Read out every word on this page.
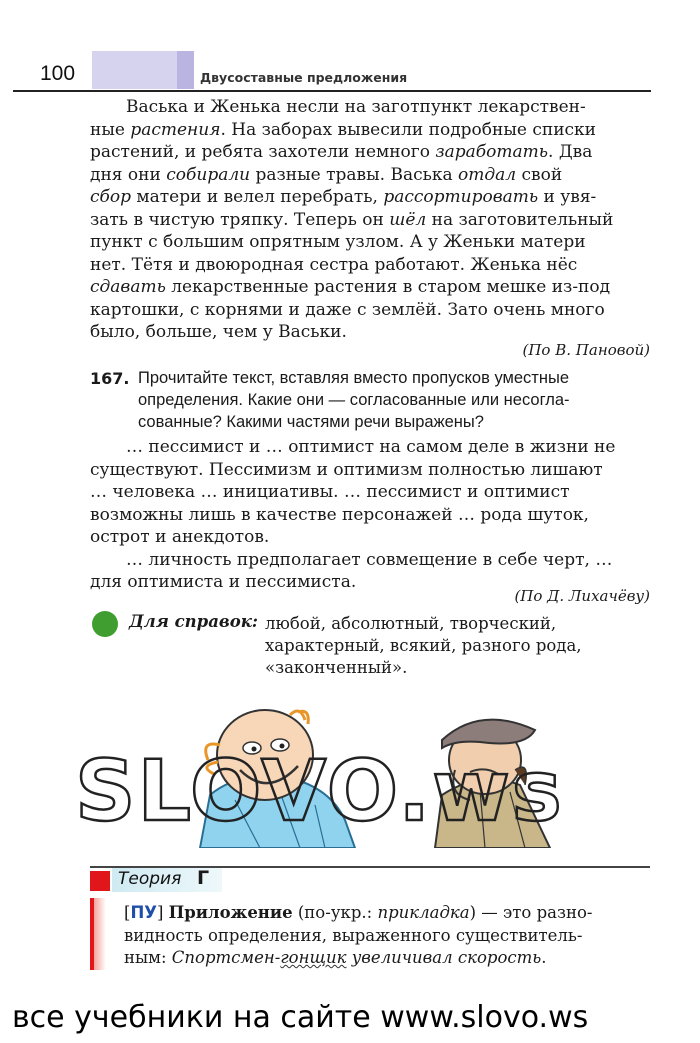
100	Двусоставные предложения
Васька и Женька несли на заготпункт лекарствен-
ные растения. На заборах вывесили подробные списки
растений, и ребята захотели немного заработать. Два
дня они собирали разные травы. Васька отдал свой
сбор матери и велел перебрать, рассортировать и увя-
зать в чистую тряпку. Теперь он шёл на заготовительный
пункт с большим опрятным узлом. А у Женьки матери
нет. Тётя и двоюродная сестра работают. Женька нёс
сдавать лекарственные растения в старом мешке из-под
картошки, с корнями и даже с землёй. Зато очень много
было, больше, чем у Васьки.
(По В. Пановой)
167. Прочитайте текст, вставляя вместо пропусков уместные
определения. Какие они — согласованные или несогла-
сованные? Какими частями речи выражены?
… пессимист и … оптимист на самом деле в жизни не
существуют. Пессимизм и оптимизм полностью лишают
… человека … инициативы. … пессимист и оптимист
возможны лишь в качестве персонажей … рода шуток,
острот и анекдотов.
… личность предполагает совмещение в себе черт, …
для оптимиста и пессимиста.
(По Д. Лихачёву)
Для справок: любой, абсолютный, творческий,
характерный, всякий, разного рода,
«законченный».
SLOVO.ws
Теория Г
[ПУ] Приложение (по-укр.: прикладка) — это разно-
видность определения, выраженного существитель-
ным: Спортсмен-гонщик увеличивал скорость.
все учебники на сайте www.slovo.ws
